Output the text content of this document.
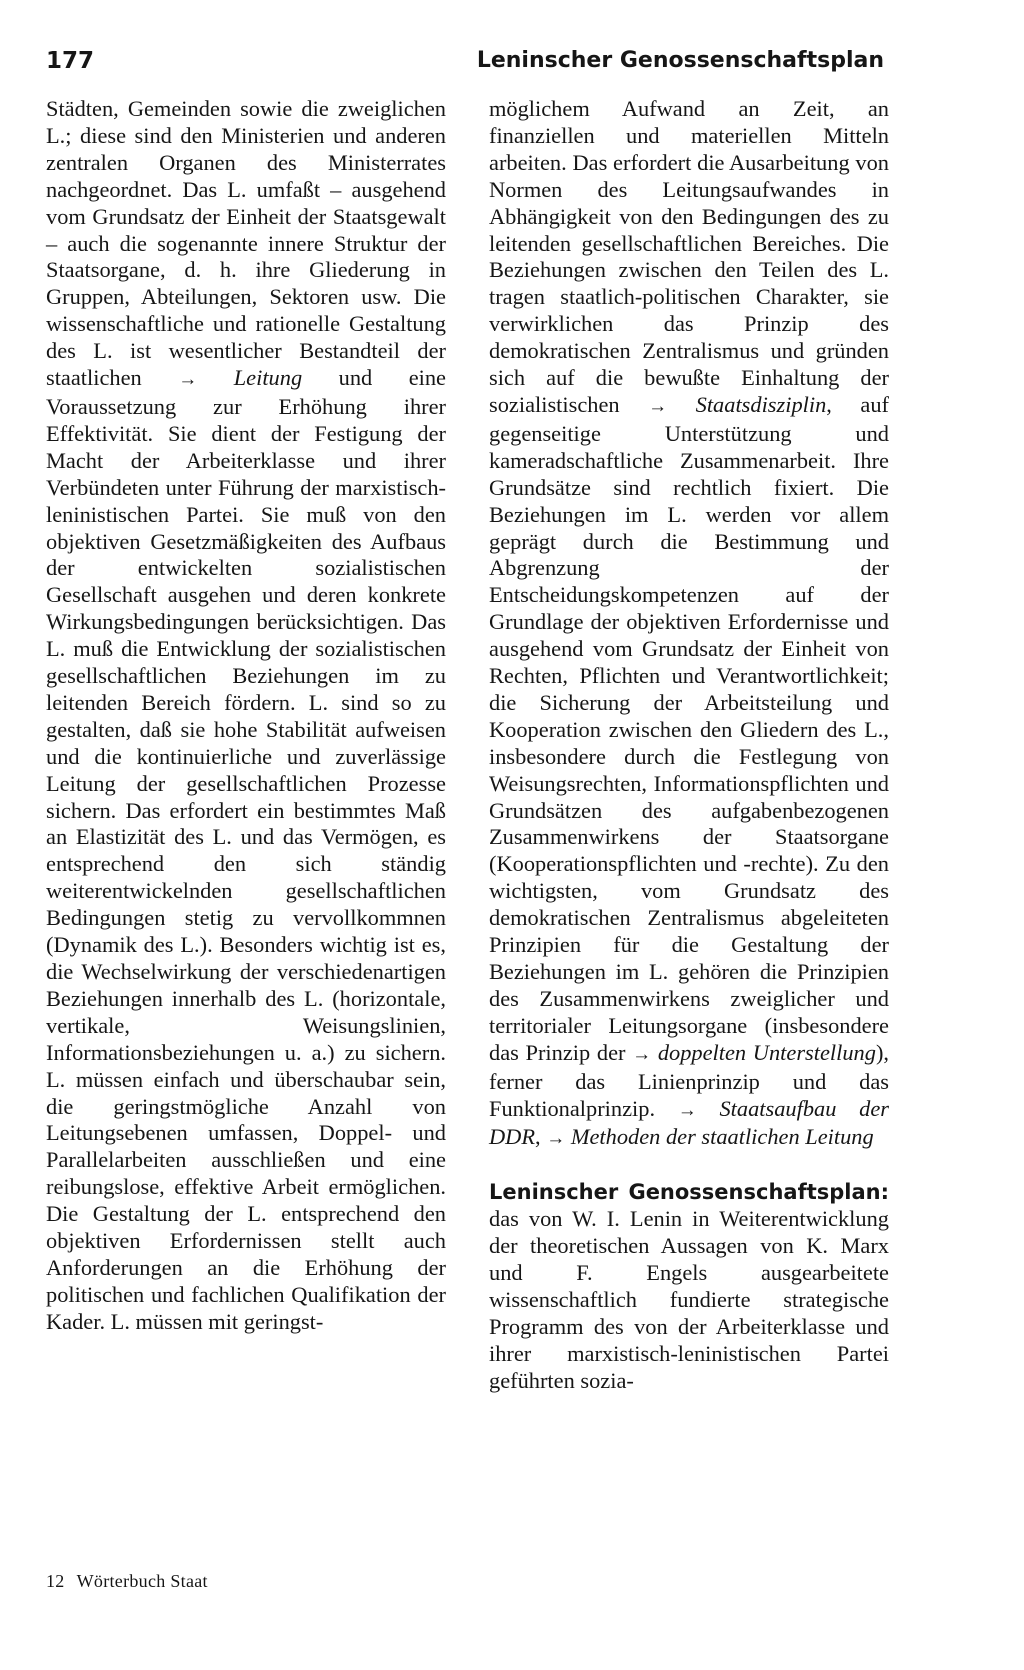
177	Leninscher Genossenschaftsplan

Städten, Gemeinden sowie die zweiglichen L.; diese sind den Ministerien und anderen zentralen Organen des Ministerrates nachgeordnet. Das L. umfaßt – ausgehend vom Grundsatz der Einheit der Staatsgewalt – auch die sogenannte innere Struktur der Staatsorgane, d. h. ihre Gliederung in Gruppen, Abteilungen, Sektoren usw. Die wissenschaftliche und rationelle Gestaltung des L. ist wesentlicher Bestandteil der staatlichen → Leitung und eine Voraussetzung zur Erhöhung ihrer Effektivität. Sie dient der Festigung der Macht der Arbeiterklasse und ihrer Verbündeten unter Führung der marxistisch-leninistischen Partei. Sie muß von den objektiven Gesetzmäßigkeiten des Aufbaus der entwickelten sozialistischen Gesellschaft ausgehen und deren konkrete Wirkungsbedingungen berücksichtigen. Das L. muß die Entwicklung der sozialistischen gesellschaftlichen Beziehungen im zu leitenden Bereich fördern. L. sind so zu gestalten, daß sie hohe Stabilität aufweisen und die kontinuierliche und zuverlässige Leitung der gesellschaftlichen Prozesse sichern. Das erfordert ein bestimmtes Maß an Elastizität des L. und das Vermögen, es entsprechend den sich ständig weiterentwickelnden gesellschaftlichen Bedingungen stetig zu vervollkommnen (Dynamik des L.). Besonders wichtig ist es, die Wechselwirkung der verschiedenartigen Beziehungen innerhalb des L. (horizontale, vertikale, Weisungslinien, Informationsbeziehungen u. a.) zu sichern. L. müssen einfach und überschaubar sein, die geringstmögliche Anzahl von Leitungsebenen umfassen, Doppel- und Parallelarbeiten ausschließen und eine reibungslose, effektive Arbeit ermöglichen. Die Gestaltung der L. entsprechend den objektiven Erfordernissen stellt auch Anforderungen an die Erhöhung der politischen und fachlichen Qualifikation der Kader. L. müssen mit geringst-

möglichem Aufwand an Zeit, an finanziellen und materiellen Mitteln arbeiten. Das erfordert die Ausarbeitung von Normen des Leitungsaufwandes in Abhängigkeit von den Bedingungen des zu leitenden gesellschaftlichen Bereiches. Die Beziehungen zwischen den Teilen des L. tragen staatlich-politischen Charakter, sie verwirklichen das Prinzip des demokratischen Zentralismus und gründen sich auf die bewußte Einhaltung der sozialistischen → Staatsdisziplin, auf gegenseitige Unterstützung und kameradschaftliche Zusammenarbeit. Ihre Grundsätze sind rechtlich fixiert. Die Beziehungen im L. werden vor allem geprägt durch die Bestimmung und Abgrenzung der Entscheidungskompetenzen auf der Grundlage der objektiven Erfordernisse und ausgehend vom Grundsatz der Einheit von Rechten, Pflichten und Verantwortlichkeit; die Sicherung der Arbeitsteilung und Kooperation zwischen den Gliedern des L., insbesondere durch die Festlegung von Weisungsrechten, Informationspflichten und Grundsätzen des aufgabenbezogenen Zusammenwirkens der Staatsorgane (Kooperationspflichten und -rechte). Zu den wichtigsten, vom Grundsatz des demokratischen Zentralismus abgeleiteten Prinzipien für die Gestaltung der Beziehungen im L. gehören die Prinzipien des Zusammenwirkens zweiglicher und territorialer Leitungsorgane (insbesondere das Prinzip der → doppelten Unterstellung), ferner das Linienprinzip und das Funktionalprinzip. → Staatsaufbau der DDR, → Methoden der staatlichen Leitung

Leninscher Genossenschaftsplan: das von W. I. Lenin in Weiterentwicklung der theoretischen Aussagen von K. Marx und F. Engels ausgearbeitete wissenschaftlich fundierte strategische Programm des von der Arbeiterklasse und ihrer marxistisch-leninistischen Partei geführten sozia-

12 Wörterbuch Staat
